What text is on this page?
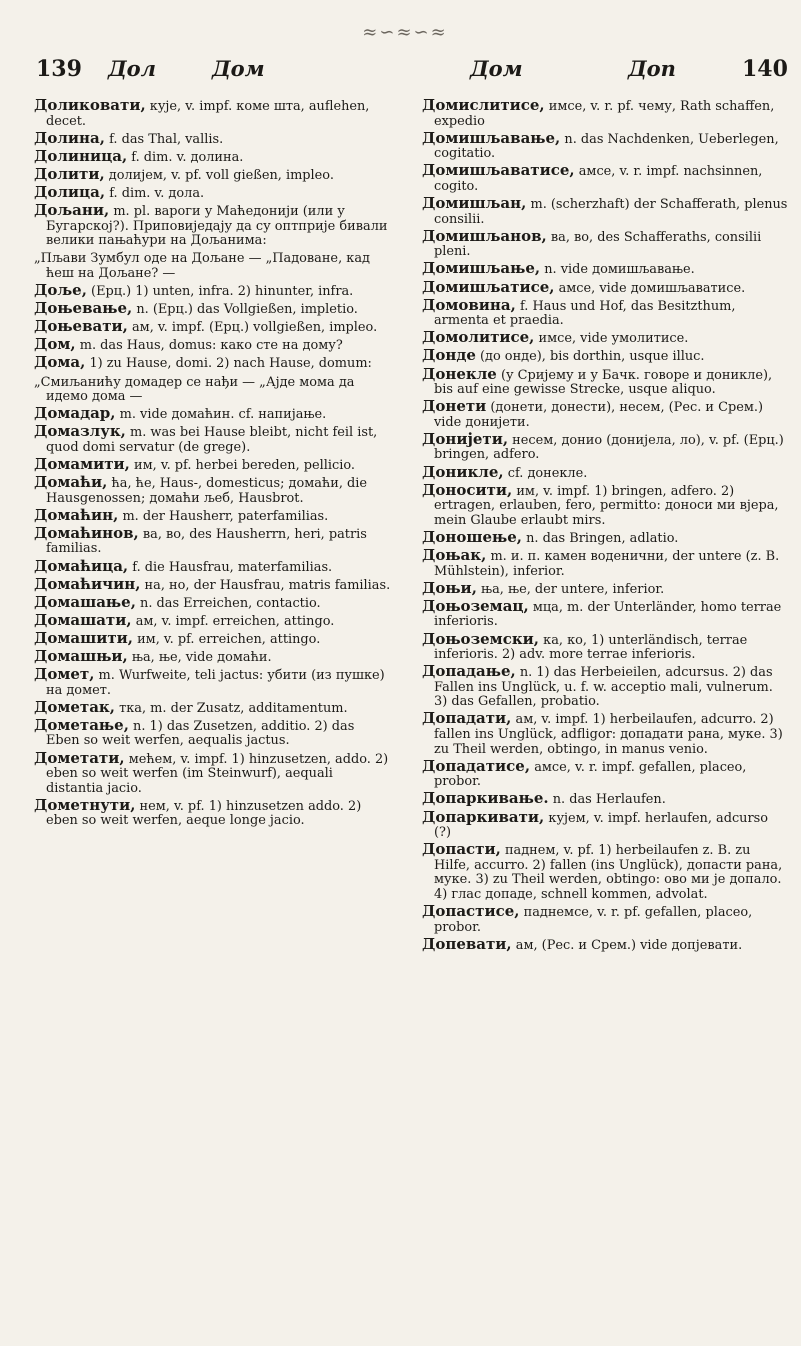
≈∽≈∽≈
139 Дол	Дом	Дом	Доп	140

Доликовати, кује, v. impf. коме шта, auflehen, decet.

Долина, f. das Thal, vallis.

Долиница, f. dim. v. долина.

Долити, долијем, v. pf. voll gießen, impleo.

Долица, f. dim. v. дола.

Дољани, m. pl. вароги у Маћедонији (или у Бугарској?). Приповиједају да су оптприје бивали велики пањаћури на Дољанима:

„Пљави Зумбул оде на Дољане — „Падоване, кад ћеш на Дољане? —

Доље, (Ерц.) 1) unten, infra. 2) hinunter, infra.

Доњевање, n. (Ерц.) das Vollgießen, impletio.

Доњевати, ам, v. impf. (Ерц.) vollgießen, impleo.

Дом, m. das Haus, domus: како сте на дому?

Дома, 1) zu Hause, domi. 2) nach Hause, domum:

„Смиљанићу домадер се нађи — „Ајде мома да идемо дома —

Домадар, m. vide домаћин. cf. напијање.

Домазлук, m. was bei Hause bleibt, nicht feil ist, quod domi servatur (de grege).

Домамити, им, v. pf. herbei bereden, pellicio.

Домаћи, ћа, ће, Haus-, domesticus; домаћи, die Hausgenossen; домаћи љеб, Hausbrot.

Домаћин, m. der Hausherr, paterfamilias.

Домаћинов, ва, во, des Hausherrn, heri, patris familias.

Домаћица, f. die Hausfrau, materfamilias.

Домаћичин, на, но, der Hausfrau, matris familias.

Домашање, n. das Erreichen, contactio.

Домашати, ам, v. impf. erreichen, attingo.

Домашити, им, v. pf. erreichen, attingo.

Домашњи, ња, ње, vide домаћи.

Домет, m. Wurfweite, teli jactus: убити (из пушке) на домет.

Дометак, тка, m. der Zusatz, additamentum.

Дометање, n. 1) das Zusetzen, additio. 2) das Eben so weit werfen, aequalis jactus.

Дометати, мећем, v. impf. 1) hinzusetzen, addo. 2) eben so weit werfen (im Steinwurf), aequali distantia jacio.

Дометнути, нем, v. pf. 1) hinzusetzen addo. 2) eben so weit werfen, aeque longe jacio.

Домислитисе, имсе, v. r. pf. чему, Rath schaffen, expedio

Домишљавање, n. das Nachdenken, Ueberlegen, cogitatio.

Домишљаватисе, амсе, v. r. impf. nachsinnen, cogito.

Домишљан, m. (scherzhaft) der Schafferath, plenus consilii.

Домишљанов, ва, во, des Schafferaths, consilii pleni.

Домишљање, n. vide домишљавање.

Домишљатисе, амсе, vide домишљаватисе.

Домовина, f. Haus und Hof, das Besitzthum, armenta et praedia.

Домолитисе, имсе, vide умолитисе.

Донде (до онде), bis dorthin, usque illuc.

Донекле (у Сријему и у Бачк. говоре и доникле), bis auf eine gewisse Strecke, usque aliquo.

Донети (донети, донести), несем, (Рес. и Срем.) vide донијети.

Донијети, несем, донио (донијела, ло), v. pf. (Ерц.) bringen, adfero.

Доникле, cf. донекле.

Доносити, им, v. impf. 1) bringen, adfero. 2) ertragen, erlauben, fero, permitto: доноси ми вјера, mein Glaube erlaubt mirs.

Доношење, n. das Bringen, adlatio.

Доњак, m. и. п. камен воденични, der untere (z. B. Mühlstein), inferior.

Доњи, ња, ње, der untere, inferior.

Доњоземац, мца, m. der Unterländer, homo terrae inferioris.

Доњоземски, ка, ко, 1) unterländisch, terrae inferioris. 2) adv. more terrae inferioris.

Допадање, n. 1) das Herbeieilen, adcursus. 2) das Fallen ins Unglück, u. f. w. acceptio mali, vulnerum. 3) das Gefallen, probatio.

Допадати, ам, v. impf. 1) herbeilaufen, adcurro. 2) fallen ins Unglück, adfligor: допадати рана, муке. 3) zu Theil werden, obtingo, in manus venio.

Допадатисе, амсе, v. r. impf. gefallen, placeo, probor.

Допаркивање. n. das Herlaufen.

Допаркивати, кујем, v. impf. herlaufen, adcurso (?)

Допасти, паднем, v. pf. 1) herbeilaufen z. B. zu Hilfe, accurro. 2) fallen (ins Unglück), допасти рана, муке. 3) zu Theil werden, obtingo: ово ми је допало. 4) глас допаде, schnell kommen, advolat.

Допастисе, паднемсе, v. r. pf. gefallen, placeo, probor.

Допевати, ам, (Рес. и Срем.) vide допјевати.
